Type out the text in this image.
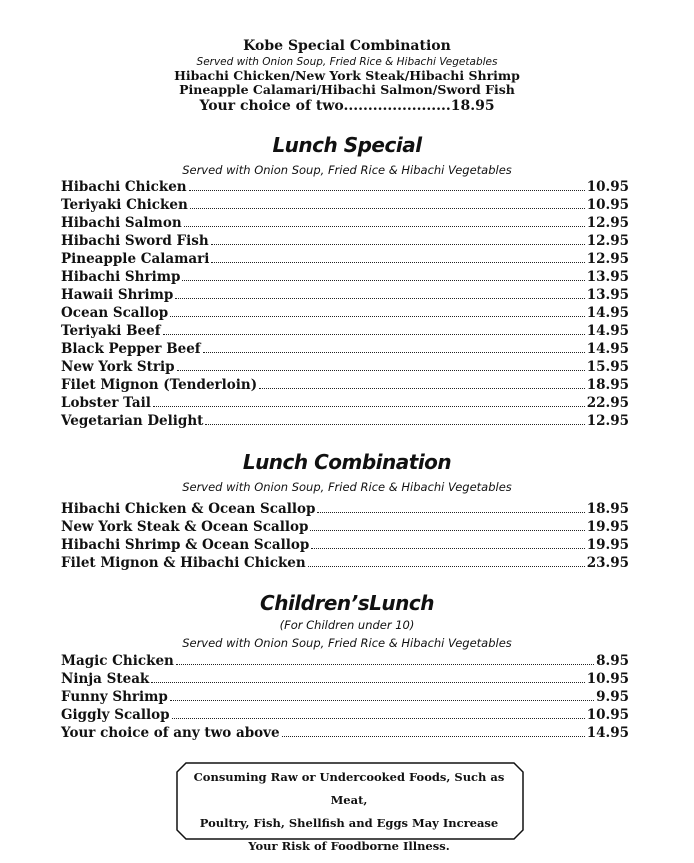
Kobe Special Combination
Served with Onion Soup, Fried Rice & Hibachi Vegetables
Hibachi Chicken/New York Steak/Hibachi Shrimp
Pineapple Calamari/Hibachi Salmon/Sword Fish
Your choice of two......................18.95
Lunch Special
Served with Onion Soup, Fried Rice & Hibachi Vegetables
Hibachi Chicken	10.95
Teriyaki Chicken	10.95
Hibachi Salmon	12.95
Hibachi Sword Fish	12.95
Pineapple Calamari	12.95
Hibachi Shrimp	13.95
Hawaii Shrimp	13.95
Ocean Scallop	14.95
Teriyaki Beef	14.95
Black Pepper Beef	14.95
New York Strip	15.95
Filet Mignon (Tenderloin)	18.95
Lobster Tail	22.95
Vegetarian Delight	12.95
Lunch Combination
Served with Onion Soup, Fried Rice & Hibachi Vegetables
Hibachi Chicken & Ocean Scallop	18.95
New York Steak & Ocean Scallop	19.95
Hibachi Shrimp & Ocean Scallop	19.95
Filet Mignon & Hibachi Chicken	23.95
Children’sLunch
(For Children under 10)
Served with Onion Soup, Fried Rice & Hibachi Vegetables
Magic Chicken	8.95
Ninja Steak	10.95
Funny Shrimp	9.95
Giggly Scallop	10.95
Your choice of any two above	14.95
Consuming Raw or Undercooked Foods, Such as Meat,
Poultry, Fish, Shellfish and Eggs May Increase
Your Risk of Foodborne Illness.
